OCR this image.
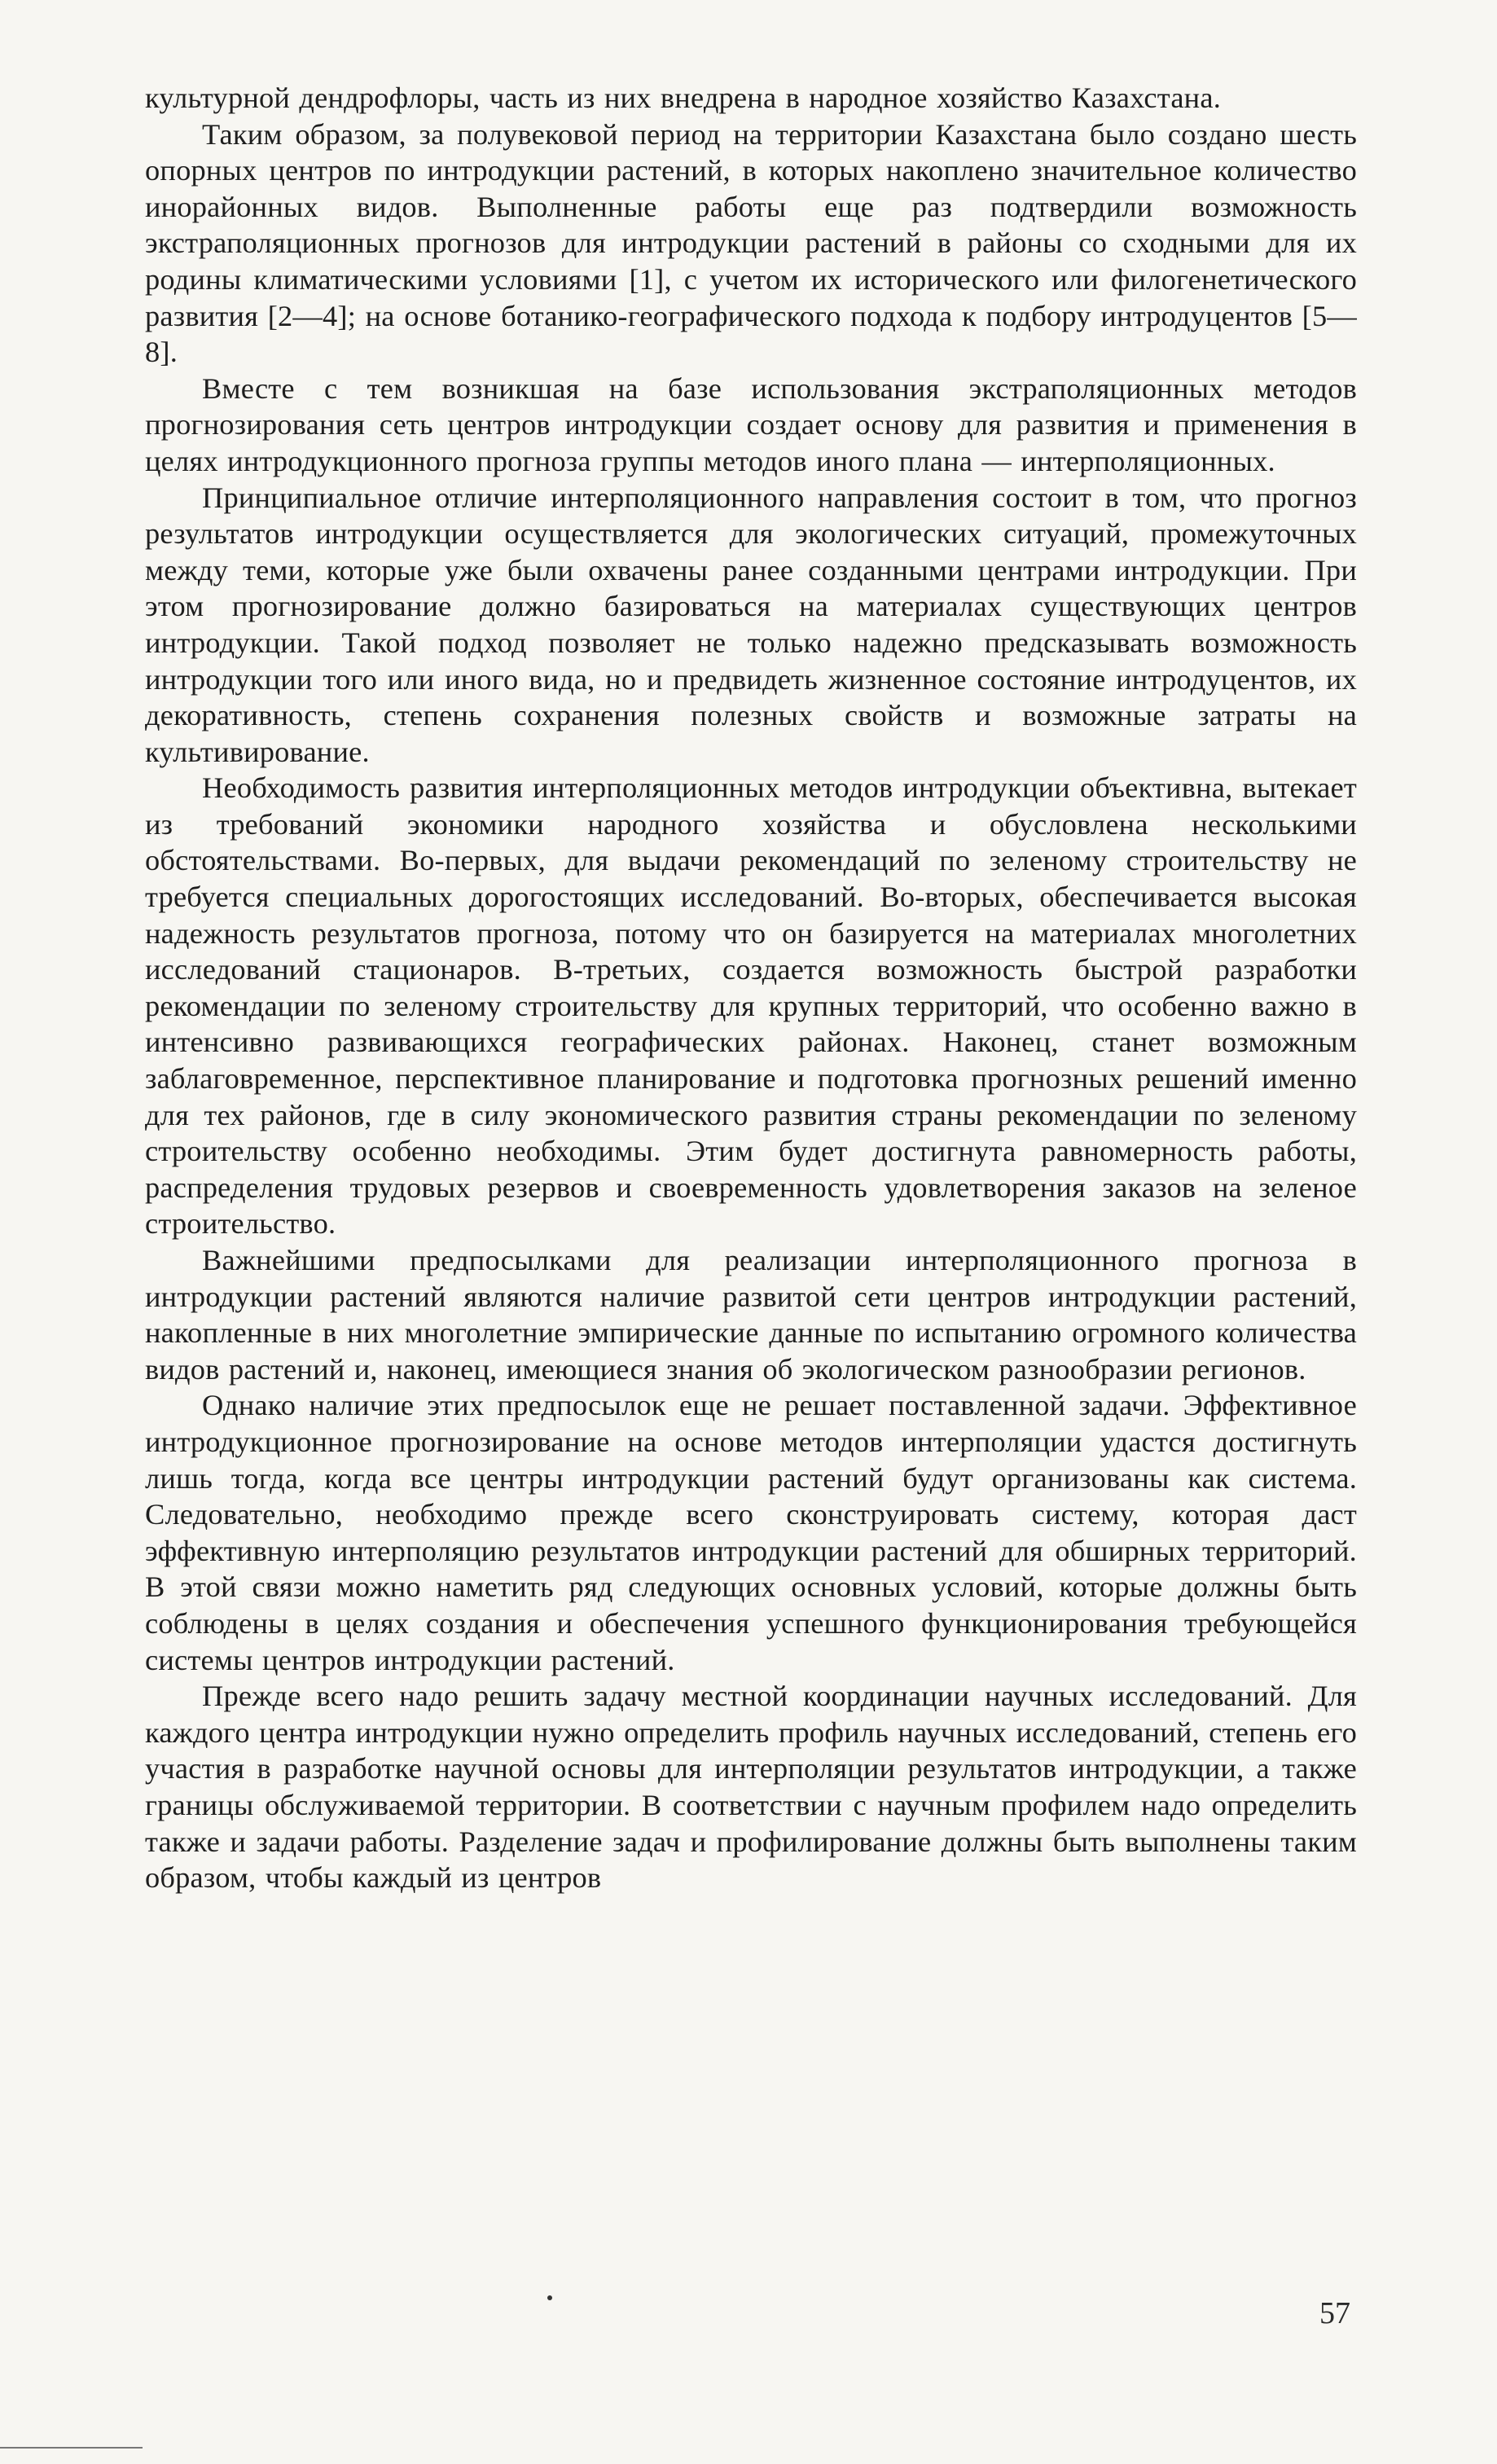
культурной дендрофлоры, часть из них внедрена в народное хозяйство Казахстана.

Таким образом, за полувековой период на территории Казахстана было создано шесть опорных центров по интродукции растений, в которых накоплено значительное количество инорайонных видов. Выполненные работы еще раз подтвердили возможность экстраполяционных прогнозов для интродукции растений в районы со сходными для их родины климатическими условиями [1], с учетом их исторического или филогенетического развития [2—4]; на основе ботанико-географического подхода к подбору интродуцентов [5—8].

Вместе с тем возникшая на базе использования экстраполяционных методов прогнозирования сеть центров интродукции создает основу для развития и применения в целях интродукционного прогноза группы методов иного плана — интерполяционных.

Принципиальное отличие интерполяционного направления состоит в том, что прогноз результатов интродукции осуществляется для экологических ситуаций, промежуточных между теми, которые уже были охвачены ранее созданными центрами интродукции. При этом прогнозирование должно базироваться на материалах существующих центров интродукции. Такой подход позволяет не только надежно предсказывать возможность интродукции того или иного вида, но и предвидеть жизненное состояние интродуцентов, их декоративность, степень сохранения полезных свойств и возможные затраты на культивирование.

Необходимость развития интерполяционных методов интродукции объективна, вытекает из требований экономики народного хозяйства и обусловлена несколькими обстоятельствами. Во-первых, для выдачи рекомендаций по зеленому строительству не требуется специальных дорогостоящих исследований. Во-вторых, обеспечивается высокая надежность результатов прогноза, потому что он базируется на материалах многолетних исследований стационаров. В-третьих, создается возможность быстрой разработки рекомендации по зеленому строительству для крупных территорий, что особенно важно в интенсивно развивающихся географических районах. Наконец, станет возможным заблаговременное, перспективное планирование и подготовка прогнозных решений именно для тех районов, где в силу экономического развития страны рекомендации по зеленому строительству особенно необходимы. Этим будет достигнута равномерность работы, распределения трудовых резервов и своевременность удовлетворения заказов на зеленое строительство.

Важнейшими предпосылками для реализации интерполяционного прогноза в интродукции растений являются наличие развитой сети центров интродукции растений, накопленные в них многолетние эмпирические данные по испытанию огромного количества видов растений и, наконец, имеющиеся знания об экологическом разнообразии регионов.

Однако наличие этих предпосылок еще не решает поставленной задачи. Эффективное интродукционное прогнозирование на основе методов интерполяции удастся достигнуть лишь тогда, когда все центры интродукции растений будут организованы как система. Следовательно, необходимо прежде всего сконструировать систему, которая даст эффективную интерполяцию результатов интродукции растений для обширных территорий. В этой связи можно наметить ряд следующих основных условий, которые должны быть соблюдены в целях создания и обеспечения успешного функционирования требующейся системы центров интродукции растений.

Прежде всего надо решить задачу местной координации научных исследований. Для каждого центра интродукции нужно определить профиль научных исследований, степень его участия в разработке научной основы для интерполяции результатов интродукции, а также границы обслуживаемой территории. В соответствии с научным профилем надо определить также и задачи работы. Разделение задач и профилирование должны быть выполнены таким образом, чтобы каждый из центров

57
